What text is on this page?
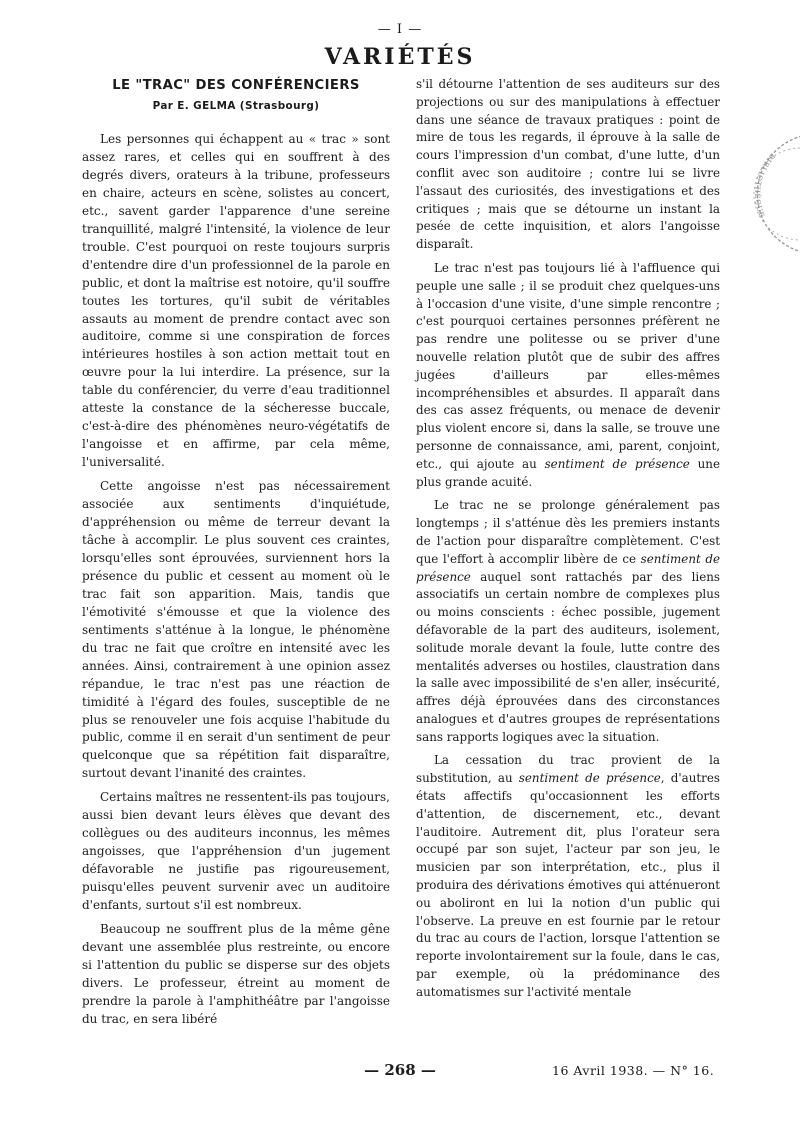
— I —
VARIÉTÉS
LE "TRAC" DES CONFÉRENCIERS
Par E. GELMA (Strasbourg)

Les personnes qui échappent au « trac » sont assez rares, et celles qui en souffrent à des degrés divers, orateurs à la tribune, professeurs en chaire, acteurs en scène, solistes au concert, etc., savent garder l'apparence d'une sereine tranquillité, malgré l'intensité, la violence de leur trouble. C'est pourquoi on reste toujours surpris d'entendre dire d'un professionnel de la parole en public, et dont la maîtrise est notoire, qu'il souffre toutes les tortures, qu'il subit de véritables assauts au moment de prendre contact avec son auditoire, comme si une conspiration de forces intérieures hostiles à son action mettait tout en œuvre pour la lui interdire. La présence, sur la table du conférencier, du verre d'eau traditionnel atteste la constance de la sécheresse buccale, c'est-à-dire des phénomènes neuro-végétatifs de l'angoisse et en affirme, par cela même, l'universalité.

Cette angoisse n'est pas nécessairement associée aux sentiments d'inquiétude, d'appréhension ou même de terreur devant la tâche à accomplir. Le plus souvent ces craintes, lorsqu'elles sont éprouvées, surviennent hors la présence du public et cessent au moment où le trac fait son apparition. Mais, tandis que l'émotivité s'émousse et que la violence des sentiments s'atténue à la longue, le phénomène du trac ne fait que croître en intensité avec les années. Ainsi, contrairement à une opinion assez répandue, le trac n'est pas une réaction de timidité à l'égard des foules, susceptible de ne plus se renouveler une fois acquise l'habitude du public, comme il en serait d'un sentiment de peur quelconque que sa répétition fait disparaître, surtout devant l'inanité des craintes.

Certains maîtres ne ressentent-ils pas toujours, aussi bien devant leurs élèves que devant des collègues ou des auditeurs inconnus, les mêmes angoisses, que l'appréhension d'un jugement défavorable ne justifie pas rigoureusement, puisqu'elles peuvent survenir avec un auditoire d'enfants, surtout s'il est nombreux.

Beaucoup ne souffrent plus de la même gêne devant une assemblée plus restreinte, ou encore si l'attention du public se disperse sur des objets divers. Le professeur, étreint au moment de prendre la parole à l'amphithéâtre par l'angoisse du trac, en sera libéré

s'il détourne l'attention de ses auditeurs sur des projections ou sur des manipulations à effectuer dans une séance de travaux pratiques : point de mire de tous les regards, il éprouve à la salle de cours l'impression d'un combat, d'une lutte, d'un conflit avec son auditoire ; contre lui se livre l'assaut des curiosités, des investigations et des critiques ; mais que se détourne un instant la pesée de cette inquisition, et alors l'angoisse disparaît.

Le trac n'est pas toujours lié à l'affluence qui peuple une salle ; il se produit chez quelques-uns à l'occasion d'une visite, d'une simple rencontre ; c'est pourquoi certaines personnes préfèrent ne pas rendre une politesse ou se priver d'une nouvelle relation plutôt que de subir des affres jugées d'ailleurs par elles-mêmes incompréhensibles et absurdes. Il apparaît dans des cas assez fréquents, ou menace de devenir plus violent encore si, dans la salle, se trouve une personne de connaissance, ami, parent, conjoint, etc., qui ajoute au sentiment de présence une plus grande acuité.

Le trac ne se prolonge généralement pas longtemps ; il s'atténue dès les premiers instants de l'action pour disparaître complètement. C'est que l'effort à accomplir libère de ce sentiment de présence auquel sont rattachés par des liens associatifs un certain nombre de complexes plus ou moins conscients : échec possible, jugement défavorable de la part des auditeurs, isolement, solitude morale devant la foule, lutte contre des mentalités adverses ou hostiles, claustration dans la salle avec impossibilité de s'en aller, insécurité, affres déjà éprouvées dans des circonstances analogues et d'autres groupes de représentations sans rapports logiques avec la situation.

La cessation du trac provient de la substitution, au sentiment de présence, d'autres états affectifs qu'occasionnent les efforts d'attention, de discernement, etc., devant l'auditoire. Autrement dit, plus l'orateur sera occupé par son sujet, l'acteur par son jeu, le musicien par son interprétation, etc., plus il produira des dérivations émotives qui atténueront ou aboliront en lui la notion d'un public qui l'observe. La preuve en est fournie par le retour du trac au cours de l'action, lorsque l'attention se reporte involontairement sur la foule, dans le cas, par exemple, où la prédominance des automatismes sur l'activité mentale

BIBLIOTHÈQUE
— 268 —	16 Avril 1938. — N° 16.
